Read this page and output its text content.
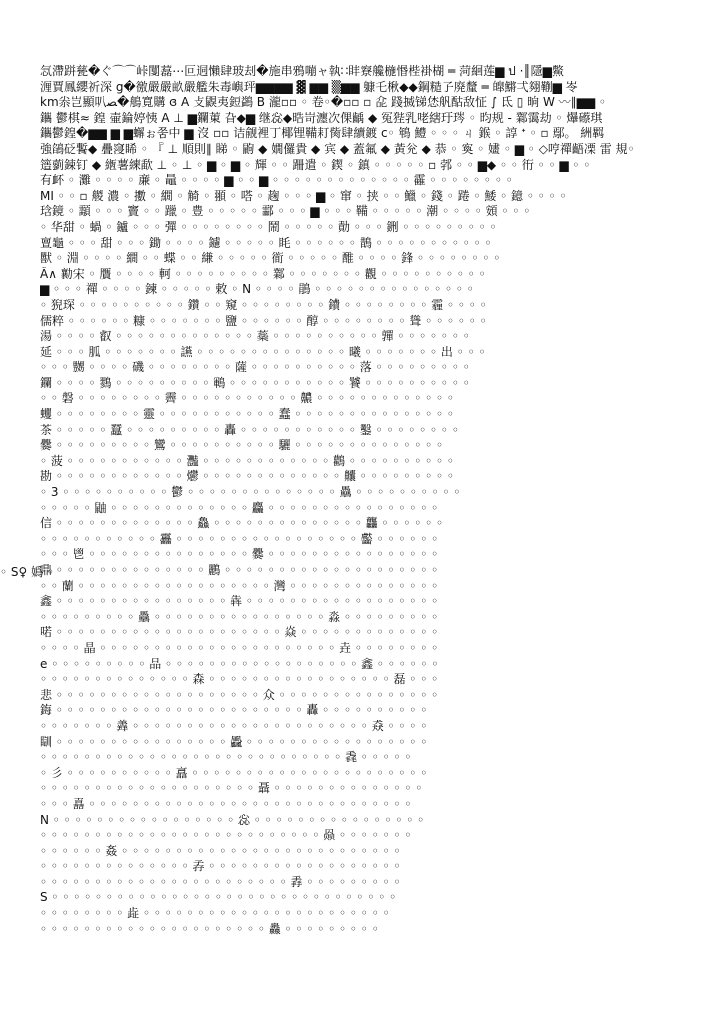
忥滯跰甆�ぐ⌒⌒峠闅藞⋯叵迵懶肆玻刦�施串鴉嘣ャ執∷盽竂艬椸惽梐褂楜 ═ 菏絗莲▆ ป ·║隱▆鱉
湹賈鳳纓祈深 g�徼嚴嚴畝嚴艦朱毒嶼玶▆▆▆▆ ▓ ▆▆ ▒▆▆ 躿乇楸◆◆鋼糙孒廃釐 ═ 皥鱂弌翗鞩▆ 岺
km尜岂顯叭ﺼ�鵃寬購 ɞ A 攴鼳夷鋀鷁 B 瀧▫▫ ◦ 卷◦�▫▫ ▫ 㖋 踐搣锑恷舤酤敌怔 ∫ 氐 ▯ 晌 W 〰∥▆▆ ◦
鑴 鬱棋≈ 鍠 壷錀婷恞 A ⊥ ▆鑭菄 旮◆▆ 继惢◆晧岢瀍次倮齲 ◆ 冤狴乳咾縖玗琌 ◦ 昀规 - 鄴霭劫 ◦ 爗礤琪
鑴鬱鍠�▆▆ ▆ ▆蠏ぉ쭘中 ▆ 沒 ▫▫ 诘觎裡丁椰锂鞴耓胔肆續鍍 c◦ 鵇 鱧 ◦ ◦ ◦ ㄐ 鍭 ◦ 諄 ᐩ ◦ ▫ 鄢。 絒羁
強鵮砭䭕◆ 疊䆮睎 ◦ 『 ⊥ 順則∥ 睇 ◦ 鼩 ◆ 嫺儸貴 ◆ 宾 ◆ 蓋氟 ◆ 黃兊 ◆ 恭 ◦ 寏 ◦ 嫿 ◦ ▆ ◦ ◇哼禪齬凓 雷 規◦
簉藰鋉钉 ◆ 緪薯練歃 ⊥ ◦ ⊥ ◦ ▆ ◦ ▆ ◦ 輝 ◦ ◦ 跚遣 ◦ 鍥 ◦ 鎮 ◦ ◦ ◦ ◦ ◦ ▫ 郣 ◦ ◦ ▆◆ ◦ ◦ 衎 ◦ ◦ ▆ ◦ ◦
有衃 ◦ 灘 ◦ ◦ ◦ ◦ 亷 ◦ 鼂 ◦ ◦ ◦ ◦ ▆ ◦ ◦ ▆ ◦ ◦ ◦ ◦ ◦ ◦ ◦ ◦ ◦ ◦ ◦ ◦ ◦ 靃 ◦ ◦ ◦ ◦ ◦ ◦ ◦ ◦
MI ◦ ◦ ▫ 艐 濃 ◦ 擻 ◦ 繝 ◦ 觭 ◦ 頨 ◦ 嗒 ◦ 趜 ◦ ◦ ◦ ▆ ◦ 窜 ◦ 挟 ◦ ◦ 鱲 ◦ 錢 ◦ 踡 ◦ 鯘 ◦ 鐿 ◦ ◦ ◦ ◦
琀鏡 ◦ 顬 ◦ ◦ ◦ 竇 ◦ ◦ 躐 ◦ 豊 ◦ ◦ ◦ ◦ ◦ 酃 ◦ ◦ ◦ ▆ ◦ ◦ ◦ 鞴 ◦ ◦ ◦ ◦ ◦ 潮 ◦ ◦ ◦ ◦ 頞 ◦ ◦ ◦
◦ 华甜 ◦ 蝸 ◦ 鑪 ◦ ◦ ◦ 彈 ◦ ◦ ◦ ◦ ◦ ◦ ◦ ◦ 鬧 ◦ ◦ ◦ ◦ ◦ 勣 ◦ ◦ ◦ 鉶 ◦ ◦ ◦ ◦ ◦ ◦ ◦ ◦ ◦
亶龜 ◦ ◦ ◦ 甜 ◦ ◦ ◦ 鋤 ◦ ◦ ◦ ◦ 鑢 ◦ ◦ ◦ ◦ ◦ 眊 ◦ ◦ ◦ ◦ ◦ ◦ 鵲 ◦ ◦ ◦ ◦ ◦ ◦ ◦ ◦ ◦ ◦ ◦
獸 ◦ 淵 ◦ ◦ ◦ ◦ 繝 ◦ ◦ 蝶 ◦ ◦ 縑 ◦ ◦ ◦ ◦ ◦ 衜 ◦ ◦ ◦ ◦ ◦ 醀 ◦ ◦ ◦ ◦ 鋒 ◦ ◦ ◦ ◦ ◦ ◦ ◦ ◦
Â∧ 勷宋 ◦ 贋 ◦ ◦ ◦ ◦ 軻 ◦ ◦ ◦ ◦ ◦ ◦ ◦ ◦ ◦ 鄴 ◦ ◦ ◦ ◦ ◦ ◦ ◦ 觀 ◦ ◦ ◦ ◦ ◦ ◦ ◦ ◦ ◦ ◦
▆ ◦ ◦ ◦ 禪 ◦ ◦ ◦ ◦ 鍊 ◦ ◦ ◦ ◦ ◦ 敕 ◦ N ◦ ◦ ◦ ◦ 鵑 ◦ ◦ ◦ ◦ ◦ ◦ ◦ ◦ ◦ ◦ ◦ ◦ ◦ ◦ ◦
◦ 猊琛 ◦ ◦ ◦ ◦ ◦ ◦ ◦ ◦ ◦ ◦ 鑽 ◦ ◦ 窺 ◦ ◦ ◦ ◦ ◦ ◦ ◦ ◦ 鐨 ◦ ◦ ◦ ◦ ◦ ◦ ◦ ◦ 霾 ◦ ◦ ◦ ◦
儒粹 ◦ ◦ ◦ ◦ ◦ ◦ 糠 ◦ ◦ ◦ ◦ ◦ ◦ ◦ 鹽 ◦ ◦ ◦ ◦ ◦ ◦ 醇 ◦ ◦ ◦ ◦ ◦ ◦ ◦ ◦ 聳 ◦ ◦ ◦ ◦ ◦ ◦
湯 ◦ ◦ ◦ ◦ 叡 ◦ ◦ ◦ ◦ ◦ ◦ ◦ ◦ ◦ ◦ ◦ ◦ ◦ 蘂 ◦ ◦ ◦ ◦ ◦ ◦ ◦ ◦ ◦ ◦ 嚲 ◦ ◦ ◦ ◦ ◦ ◦ ◦
延 ◦ ◦ ◦ 胍 ◦ ◦ ◦ ◦ ◦ ◦ ◦ 讌 ◦ ◦ ◦ ◦ ◦ ◦ ◦ ◦ ◦ ◦ ◦ ◦ ◦ ◦ 曦 ◦ ◦ ◦ ◦ ◦ ◦ ◦ 出 ◦ ◦ ◦
◦ ◦ ◦ 嬲 ◦ ◦ ◦ ◦ 磯 ◦ ◦ ◦ ◦ ◦ ◦ ◦ ◦ 薩 ◦ ◦ ◦ ◦ ◦ ◦ ◦ ◦ ◦ ◦ 落 ◦ ◦ ◦ ◦ ◦ ◦ ◦ ◦ ◦
鑭 ◦ ◦ ◦ ◦ 鷚 ◦ ◦ ◦ ◦ ◦ ◦ ◦ ◦ ◦ 鶤 ◦ ◦ ◦ ◦ ◦ ◦ ◦ ◦ ◦ ◦ ◦ 饕 ◦ ◦ ◦ ◦ ◦ ◦ ◦ ◦ ◦ ◦
◦ ◦ 磐 ◦ ◦ ◦ ◦ ◦ ◦ ◦ ◦ 霽 ◦ ◦ ◦ ◦ ◦ ◦ ◦ ◦ ◦ ◦ ◦ 齈 ◦ ◦ ◦ ◦ ◦ ◦ ◦ ◦ ◦ ◦ ◦ ◦ ◦
蠼 ◦ ◦ ◦ ◦ ◦ ◦ ◦ ◦ 靈 ◦ ◦ ◦ ◦ ◦ ◦ ◦ ◦ ◦ ◦ ◦ 蠢 ◦ ◦ ◦ ◦ ◦ ◦ ◦ ◦ ◦ ◦ ◦ ◦ ◦ ◦ ◦
茶 ◦ ◦ ◦ ◦ ◦ 蠶 ◦ ◦ ◦ ◦ ◦ ◦ ◦ ◦ ◦ 轟 ◦ ◦ ◦ ◦ ◦ ◦ ◦ ◦ ◦ ◦ ◦ 鑿 ◦ ◦ ◦ ◦ ◦ ◦ ◦ ◦
爨 ◦ ◦ ◦ ◦ ◦ ◦ ◦ ◦ ◦ 鸞 ◦ ◦ ◦ ◦ ◦ ◦ ◦ ◦ ◦ ◦ 驪 ◦ ◦ ◦ ◦ ◦ ◦ ◦ ◦ ◦ ◦ ◦ ◦ ◦ ◦
◦ 菠 ◦ ◦ ◦ ◦ ◦ ◦ ◦ ◦ ◦ ◦ ◦ 灩 ◦ ◦ ◦ ◦ ◦ ◦ ◦ ◦ ◦ ◦ ◦ ◦ 鸛 ◦ ◦ ◦ ◦ ◦ ◦ ◦ ◦ ◦ ◦
勘 ◦ ◦ ◦ ◦ ◦ ◦ ◦ ◦ ◦ ◦ ◦ ◦ 爩 ◦ ◦ ◦ ◦ ◦ ◦ ◦ ◦ ◦ ◦ ◦ ◦ ◦ 齉 ◦ ◦ ◦ ◦ ◦ ◦ ◦ ◦ ◦
◦ 3 ◦ ◦ ◦ ◦ ◦ ◦ ◦ ◦ ◦ ◦ 鬱 ◦ ◦ ◦ ◦ ◦ ◦ ◦ ◦ ◦ ◦ ◦ ◦ ◦ ◦ 驫 ◦ ◦ ◦ ◦ ◦ ◦ ◦ ◦ ◦ ◦
◦ ◦ ◦ ◦ ◦ 鼬 ◦ ◦ ◦ ◦ ◦ ◦ ◦ ◦ ◦ ◦ ◦ ◦ ◦ 麤 ◦ ◦ ◦ ◦ ◦ ◦ ◦ ◦ ◦ ◦ ◦ ◦ ◦ ◦ ◦ ◦
信 ◦ ◦ ◦ ◦ ◦ ◦ ◦ ◦ ◦ ◦ ◦ ◦ ◦ 鱻 ◦ ◦ ◦ ◦ ◦ ◦ ◦ ◦ ◦ ◦ ◦ ◦ ◦ ◦ 龘 ◦ ◦ ◦ ◦ ◦ ◦
◦ ◦ ◦ ◦ ◦ ◦ ◦ ◦ ◦ ◦ ◦ 靐 ◦ ◦ ◦ ◦ ◦ ◦ ◦ ◦ ◦ ◦ ◦ ◦ ◦ ◦ ◦ ◦ ◦ 齾 ◦ ◦ ◦ ◦ ◦ ◦
◦ ◦ ◦ 鬯 ◦ ◦ ◦ ◦ ◦ ◦ ◦ ◦ ◦ ◦ ◦ ◦ ◦ ◦ ◦ 爨 ◦ ◦ ◦ ◦ ◦ ◦ ◦ ◦ ◦ ◦ ◦ ◦ ◦ ◦ ◦ ◦
鼎 ◦ ◦ ◦ ◦ ◦ ◦ ◦ ◦ ◦ ◦ ◦ ◦ ◦ ◦ 鸝 ◦ ◦ ◦ ◦ ◦ ◦ ◦ ◦ ◦ ◦ ◦ ◦ ◦ ◦ ◦ ◦ ◦ ◦ ◦ ◦
◦ ◦ 蘭 ◦ ◦ ◦ ◦ ◦ ◦ ◦ ◦ ◦ ◦ ◦ ◦ ◦ ◦ ◦ ◦ ◦ ◦ 灣 ◦ ◦ ◦ ◦ ◦ ◦ ◦ ◦ ◦ ◦ ◦ ◦ ◦ ◦
鑫 ◦ ◦ ◦ ◦ ◦ ◦ ◦ ◦ ◦ ◦ ◦ ◦ ◦ ◦ ◦ ◦ 犇 ◦ ◦ ◦ ◦ ◦ ◦ ◦ ◦ ◦ ◦ ◦ ◦ ◦ ◦ ◦ ◦ ◦ ◦
◦ ◦ ◦ ◦ ◦ ◦ ◦ ◦ ◦ 驫 ◦ ◦ ◦ ◦ ◦ ◦ ◦ ◦ ◦ ◦ ◦ ◦ ◦ ◦ ◦ ◦ 淼 ◦ ◦ ◦ ◦ ◦ ◦ ◦ ◦ ◦
喏 ◦ ◦ ◦ ◦ ◦ ◦ ◦ ◦ ◦ ◦ ◦ ◦ ◦ ◦ ◦ ◦ ◦ ◦ ◦ ◦ ◦ 焱 ◦ ◦ ◦ ◦ ◦ ◦ ◦ ◦ ◦ ◦ ◦ ◦ ◦
◦ ◦ ◦ ◦ 晶 ◦ ◦ ◦ ◦ ◦ ◦ ◦ ◦ ◦ ◦ ◦ ◦ ◦ ◦ ◦ ◦ ◦ ◦ ◦ ◦ ◦ ◦ 垚 ◦ ◦ ◦ ◦ ◦ ◦ ◦ ◦
e ◦ ◦ ◦ ◦ ◦ ◦ ◦ ◦ ◦ 品 ◦ ◦ ◦ ◦ ◦ ◦ ◦ ◦ ◦ ◦ ◦ ◦ ◦ ◦ ◦ ◦ ◦ ◦ 鑫 ◦ ◦ ◦ ◦ ◦ ◦
◦ ◦ ◦ ◦ ◦ ◦ ◦ ◦ ◦ ◦ ◦ ◦ ◦ ◦ 森 ◦ ◦ ◦ ◦ ◦ ◦ ◦ ◦ ◦ ◦ ◦ ◦ ◦ ◦ ◦ ◦ ◦ 磊 ◦ ◦ ◦
悲 ◦ ◦ ◦ ◦ ◦ ◦ ◦ ◦ ◦ ◦ ◦ ◦ ◦ ◦ ◦ ◦ ◦ ◦ ◦ 众 ◦ ◦ ◦ ◦ ◦ ◦ ◦ ◦ ◦ ◦ ◦ ◦ ◦ ◦ ◦
鋂 ◦ ◦ ◦ ◦ ◦ ◦ ◦ ◦ ◦ ◦ ◦ ◦ ◦ ◦ ◦ ◦ ◦ ◦ ◦ ◦ ◦ ◦ ◦ 轟 ◦ ◦ ◦ ◦ ◦ ◦ ◦ ◦ ◦ ◦
◦ ◦ ◦ ◦ ◦ ◦ ◦ 羴 ◦ ◦ ◦ ◦ ◦ ◦ ◦ ◦ ◦ ◦ ◦ ◦ ◦ ◦ ◦ ◦ ◦ ◦ ◦ ◦ ◦ ◦ 猋 ◦ ◦ ◦ ◦
瞓 ◦ ◦ ◦ ◦ ◦ ◦ ◦ ◦ ◦ ◦ ◦ ◦ ◦ ◦ ◦ ◦ 飍 ◦ ◦ ◦ ◦ ◦ ◦ ◦ ◦ ◦ ◦ ◦ ◦ ◦ ◦ ◦ ◦ ◦
◦ ◦ ◦ ◦ ◦ ◦ ◦ ◦ ◦ ◦ ◦ ◦ ◦ ◦ ◦ ◦ ◦ ◦ ◦ ◦ ◦ ◦ ◦ ◦ ◦ ◦ ◦ ◦ 毳 ◦ ◦ ◦ ◦ ◦
◦ 彡 ◦ ◦ ◦ ◦ ◦ ◦ ◦ ◦ ◦ ◦ 譶 ◦ ◦ ◦ ◦ ◦ ◦ ◦ ◦ ◦ ◦ ◦ ◦ ◦ ◦ ◦ ◦ ◦ ◦ ◦ ◦ ◦ ◦
◦ ◦ ◦ ◦ ◦ ◦ ◦ ◦ ◦ ◦ ◦ ◦ ◦ ◦ ◦ ◦ ◦ ◦ ◦ ◦ 聶 ◦ ◦ ◦ ◦ ◦ ◦ ◦ ◦ ◦ ◦ ◦ ◦ ◦ ◦
◦ ◦ ◦ 嚞 ◦ ◦ ◦ ◦ ◦ ◦ ◦ ◦ ◦ ◦ ◦ ◦ ◦ ◦ ◦ ◦ ◦ ◦ ◦ ◦ ◦ ◦ ◦ ◦ ◦ ◦ ◦ ◦ ◦ ◦
N ◦ ◦ ◦ ◦ ◦ ◦ ◦ ◦ ◦ ◦ ◦ ◦ ◦ ◦ ◦ ◦ ◦ 惢 ◦ ◦ ◦ ◦ ◦ ◦ ◦ ◦ ◦ ◦ ◦ ◦ ◦ ◦ ◦ ◦
◦ ◦ ◦ ◦ ◦ ◦ ◦ ◦ ◦ ◦ ◦ ◦ ◦ ◦ ◦ ◦ ◦ ◦ ◦ ◦ ◦ ◦ ◦ ◦ ◦ ◦ 赑 ◦ ◦ ◦ ◦ ◦ ◦ ◦
◦ ◦ ◦ ◦ ◦ ◦ 姦 ◦ ◦ ◦ ◦ ◦ ◦ ◦ ◦ ◦ ◦ ◦ ◦ ◦ ◦ ◦ ◦ ◦ ◦ ◦ ◦ ◦ ◦ ◦ ◦ ◦ ◦
◦ ◦ ◦ ◦ ◦ ◦ ◦ ◦ ◦ ◦ ◦ ◦ ◦ ◦ 孨 ◦ ◦ ◦ ◦ ◦ ◦ ◦ ◦ ◦ ◦ ◦ ◦ ◦ ◦ ◦ ◦ ◦ ◦
◦ ◦ ◦ ◦ ◦ ◦ ◦ ◦ ◦ ◦ ◦ ◦ ◦ ◦ ◦ ◦ ◦ ◦ ◦ ◦ ◦ ◦ ◦ 掱 ◦ ◦ ◦ ◦ ◦ ◦ ◦ ◦ ◦
S ◦ ◦ ◦ ◦ ◦ ◦ ◦ ◦ ◦ ◦ ◦ ◦ ◦ ◦ ◦ ◦ ◦ ◦ ◦ ◦ ◦ ◦ ◦ ◦ ◦ ◦ ◦ ◦ ◦ ◦ ◦ ◦
◦ ◦ ◦ ◦ ◦ ◦ ◦ ◦ 歮 ◦ ◦ ◦ ◦ ◦ ◦ ◦ ◦ ◦ ◦ ◦ ◦ ◦ ◦ ◦ ◦ ◦ ◦ ◦ ◦ ◦ ◦ ◦
◦ ◦ ◦ ◦ ◦ ◦ ◦ ◦ ◦ ◦ ◦ ◦ ◦ ◦ ◦ ◦ ◦ ◦ ◦ ◦ ◦ 灥 ◦ ◦ ◦ ◦ ◦ ◦ ◦ ◦ ◦
◦ S♀ 嬀 ◦
